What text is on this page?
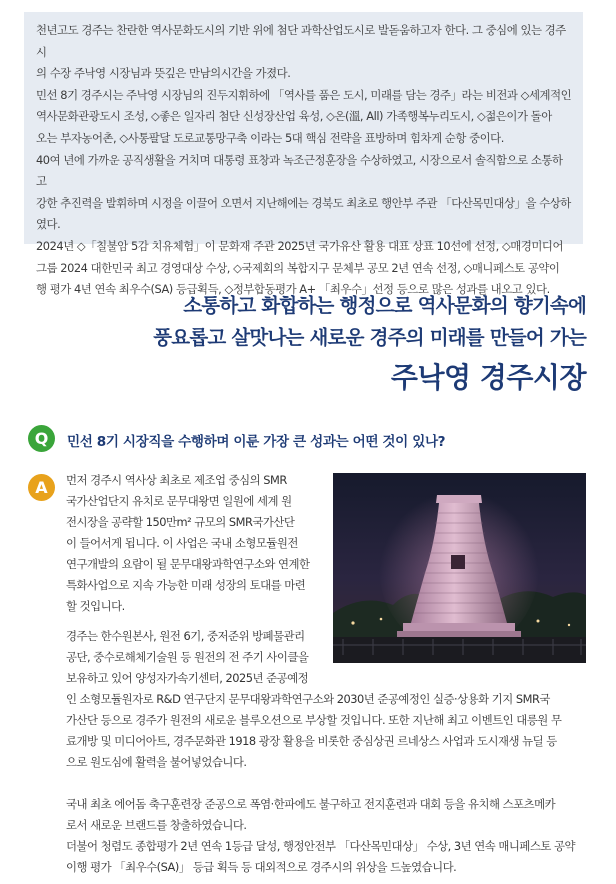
천년고도 경주는 찬란한 역사문화도시의 기반 위에 첨단 과학산업도시로 발돋움하고자 한다. 그 중심에 있는 경주시

의 수장 주낙영 시장님과 뜻깊은 만남의시간을 가졌다.

민선 8기 경주시는 주낙영 시장님의 진두지휘하에 「역사를 품은 도시, 미래를 담는 경주」라는 비전과 ◇세계적인

역사문화관광도시 조성, ◇좋은 일자리 첨단 신성장산업 육성, ◇온(溫, All) 가족행복누리도시, ◇젊은이가 돌아

오는 부자농어촌, ◇사통팔달 도로교통망구축 이라는 5대 핵심 전략을 표방하며 힘차게 순항 중이다.

40여 년에 가까운 공직생활을 거치며 대통령 표창과 녹조근정훈장을 수상하였고, 시장으로서 솔직함으로 소통하고

강한 추진력을 발휘하며 시정을 이끌어 오면서 지난해에는 경북도 최초로 행안부 주관 「다산목민대상」을 수상하였다.

2024년 ◇「칠불암 5감 치유체험」이 문화재 주관 2025년 국가유산 활용 대표 상표 10선에 선정, ◇매경미디어

그룹 2024 대한민국 최고 경영대상 수상, ◇국제회의 복합지구 문체부 공모 2년 연속 선정, ◇매니페스토 공약이

행 평가 4년 연속 최우수(SA) 등급획득, ◇정부합동평가 A+ 「최우수」선정 등으로 많은 성과를 내오고 있다.

소통하고 화합하는 행정으로 역사문화의 향기속에
풍요롭고 살맛나는 새로운 경주의 미래를 만들어 가는
주낙영 경주시장
Q	민선 8기 시장직을 수행하며 이룬 가장 큰 성과는 어떤 것이 있나?
A	먼저 경주시 역사상 최초로 제조업 중심의 SMR

국가산업단지 유치로 문무대왕면 일원에 세계 원

전시장을 공략할 150만m² 규모의 SMR국가산단

이 들어서게 됩니다. 이 사업은 국내 소형모듈원전

연구개발의 요람이 될 문무대왕과학연구소와 연계한

특화사업으로 지속 가능한 미래 성장의 토대를 마련

할 것입니다.

경주는 한수원본사, 원전 6기, 중저준위 방폐물관리

공단, 중수로해체기술원 등 원전의 전 주기 사이클을

보유하고 있어 양성자가속기센터, 2025년 준공예정

인 소형모듈원자로 R&D 연구단지 문무대왕과학연구소와 2030년 준공예정인 실증·상용화 기지 SMR국

가산단 등으로 경주가 원전의 새로운 블루오션으로 부상할 것입니다. 또한 지난해 최고 이벤트인 대릉원 무

료개방 및 미디어아트, 경주문화관 1918 광장 활용을 비롯한 중심상권 르네상스 사업과 도시재생 뉴딜 등

으로 원도심에 활력을 불어넣었습니다.

국내 최초 에어돔 축구훈련장 준공으로 폭염·한파에도 불구하고 전지훈련과 대회 등을 유치해 스포츠메카

로서 새로운 브랜드를 창출하였습니다.

더불어 청렴도 종합평가 2년 연속 1등급 달성, 행정안전부 「다산목민대상」 수상, 3년 연속 매니페스토 공약

이행 평가 「최우수(SA)」 등급 획득 등 대외적으로 경주시의 위상을 드높였습니다.
